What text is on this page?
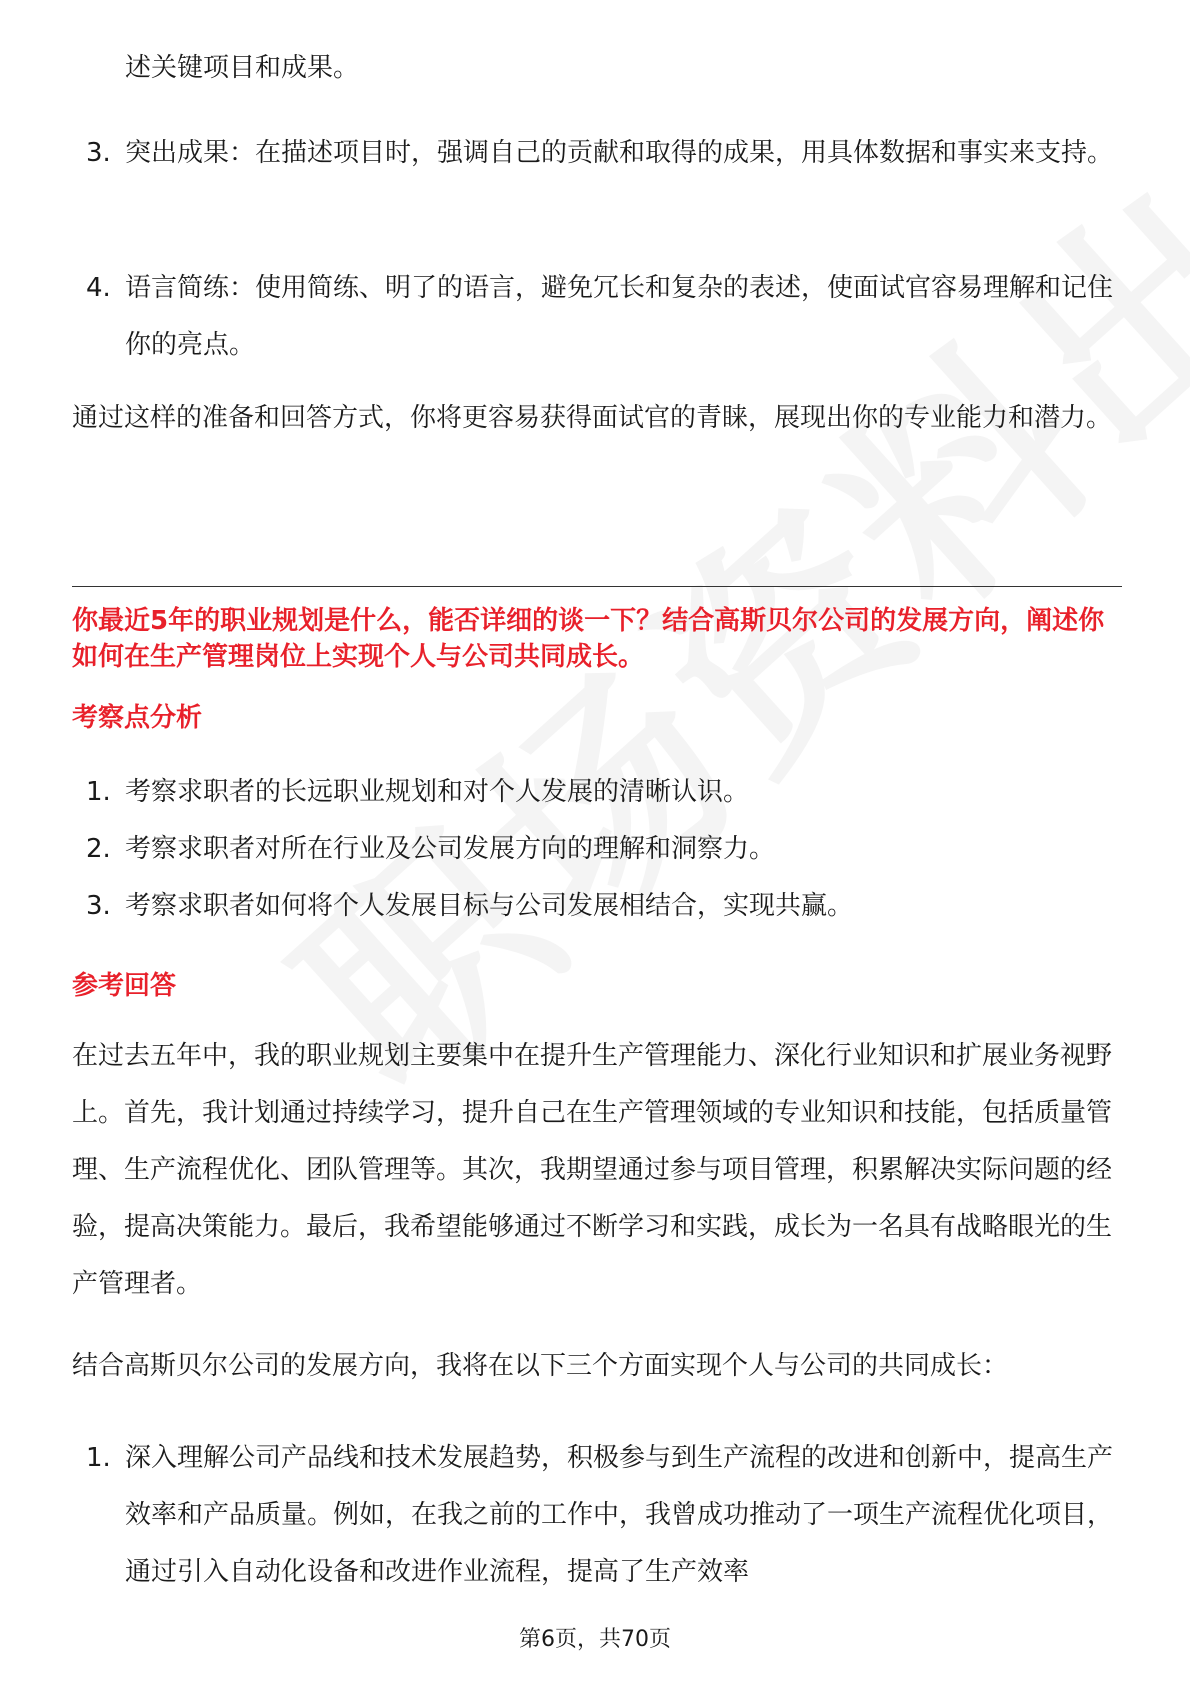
述关键项目和成果。
3. 突出成果：在描述项目时，强调自己的贡献和取得的成果，用具体数据和事实来支持。
4. 语言简练：使用简练、明了的语言，避免冗长和复杂的表述，使面试官容易理解和记住你的亮点。

通过这样的准备和回答方式，你将更容易获得面试官的青睐，展现出你的专业能力和潜力。

你最近5年的职业规划是什么，能否详细的谈一下？结合高斯贝尔公司的发展方向，阐述你如何在生产管理岗位上实现个人与公司共同成长。

考察点分析

1. 考察求职者的长远职业规划和对个人发展的清晰认识。
2. 考察求职者对所在行业及公司发展方向的理解和洞察力。
3. 考察求职者如何将个人发展目标与公司发展相结合，实现共赢。

参考回答

在过去五年中，我的职业规划主要集中在提升生产管理能力、深化行业知识和扩展业务视野上。首先，我计划通过持续学习，提升自己在生产管理领域的专业知识和技能，包括质量管理、生产流程优化、团队管理等。其次，我期望通过参与项目管理，积累解决实际问题的经验，提高决策能力。最后，我希望能够通过不断学习和实践，成长为一名具有战略眼光的生产管理者。

结合高斯贝尔公司的发展方向，我将在以下三个方面实现个人与公司的共同成长：

1. 深入理解公司产品线和技术发展趋势，积极参与到生产流程的改进和创新中，提高生产效率和产品质量。例如，在我之前的工作中，我曾成功推动了一项生产流程优化项目，通过引入自动化设备和改进作业流程，提高了生产效率
第6页，共70页
